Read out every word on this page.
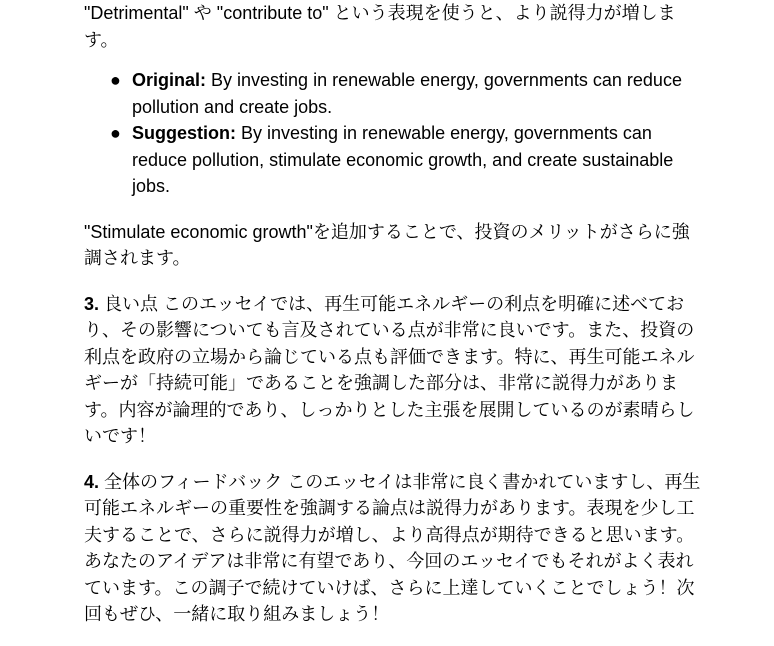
"Detrimental" や "contribute to" という表現を使うと、より説得力が増します。

● Original: By investing in renewable energy, governments can reduce pollution and create jobs.
● Suggestion: By investing in renewable energy, governments can reduce pollution, stimulate economic growth, and create sustainable jobs.

"Stimulate economic growth"を追加することで、投資のメリットがさらに強調されます。

3. 良い点 このエッセイでは、再生可能エネルギーの利点を明確に述べており、その影響についても言及されている点が非常に良いです。また、投資の利点を政府の立場から論じている点も評価できます。特に、再生可能エネルギーが「持続可能」であることを強調した部分は、非常に説得力があります。内容が論理的であり、しっかりとした主張を展開しているのが素晴らしいです！

4. 全体のフィードバック このエッセイは非常に良く書かれていますし、再生可能エネルギーの重要性を強調する論点は説得力があります。表現を少し工夫することで、さらに説得力が増し、より高得点が期待できると思います。あなたのアイデアは非常に有望であり、今回のエッセイでもそれがよく表れています。この調子で続けていけば、さらに上達していくことでしょう！次回もぜひ、一緒に取り組みましょう！
